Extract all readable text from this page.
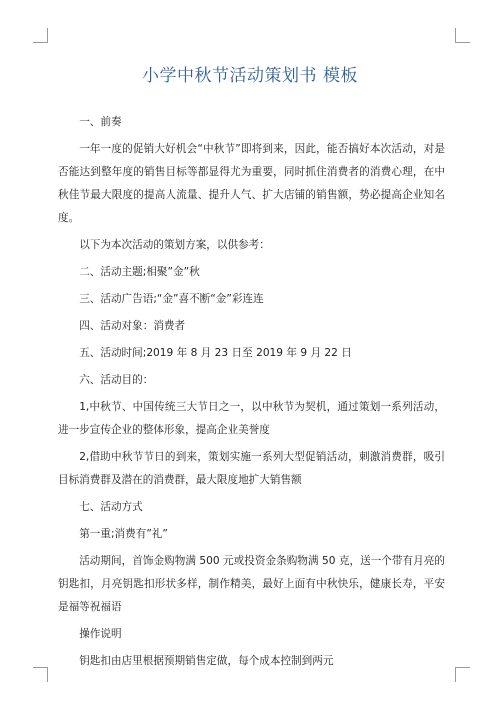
小学中秋节活动策划书 模板

一、前奏

一年一度的促销大好机会“中秋节”即将到来，因此，能否搞好本次活动，对是否能达到整年度的销售目标等都显得尤为重要，同时抓住消费者的消费心理，在中秋佳节最大限度的提高人流量、提升人气、扩大店铺的销售额，势必提高企业知名度。

以下为本次活动的策划方案，以供参考：

二、活动主题;相聚”金”秋

三、活动广告语;“金”喜不断“金”彩连连

四、活动对象：消费者

五、活动时间;2019 年 8 月 23 日至 2019 年 9 月 22 日

六、活动目的：

1,中秋节、中国传统三大节日之一，以中秋节为契机，通过策划一系列活动，进一步宣传企业的整体形象，提高企业美誉度

2,借助中秋节节日的到来，策划实施一系列大型促销活动，刺激消费群，吸引目标消费群及潜在的消费群，最大限度地扩大销售额

七、活动方式

第一重;消费有”礼”

活动期间，首饰金购物满 500 元或投资金条购物满 50 克，送一个带有月亮的钥匙扣，月亮钥匙扣形状多样，制作精美，最好上面有中秋快乐，健康长寿，平安是福等祝福语

操作说明

钥匙扣由店里根据预期销售定做，每个成本控制到两元
